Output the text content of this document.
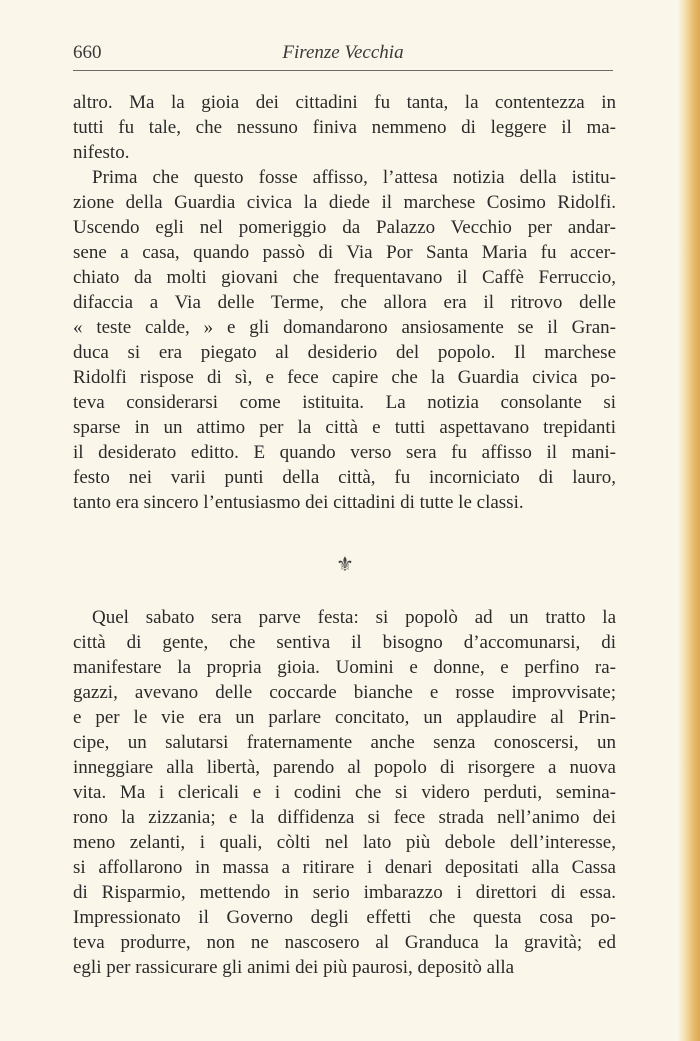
660	Firenze Vecchia
altro. Ma la gioia dei cittadini fu tanta, la contentezza in
tutti fu tale, che nessuno finiva nemmeno di leggere il ma-
nifesto.
Prima che questo fosse affisso, l’attesa notizia della istitu-
zione della Guardia civica la diede il marchese Cosimo Ridolfi.
Uscendo egli nel pomeriggio da Palazzo Vecchio per andar-
sene a casa, quando passò di Via Por Santa Maria fu accer-
chiato da molti giovani che frequentavano il Caffè Ferruccio,
difaccia a Via delle Terme, che allora era il ritrovo delle
« teste calde, » e gli domandarono ansiosamente se il Gran-
duca si era piegato al desiderio del popolo. Il marchese
Ridolfi rispose di sì, e fece capire che la Guardia civica po-
teva considerarsi come istituita. La notizia consolante si
sparse in un attimo per la città e tutti aspettavano trepidanti
il desiderato editto. E quando verso sera fu affisso il mani-
festo nei varii punti della città, fu incorniciato di lauro,
tanto era sincero l’entusiasmo dei cittadini di tutte le classi.
⚜
Quel sabato sera parve festa: si popolò ad un tratto la
città di gente, che sentiva il bisogno d’accomunarsi, di
manifestare la propria gioia. Uomini e donne, e perfino ra-
gazzi, avevano delle coccarde bianche e rosse improvvisate;
e per le vie era un parlare concitato, un applaudire al Prin-
cipe, un salutarsi fraternamente anche senza conoscersi, un
inneggiare alla libertà, parendo al popolo di risorgere a nuova
vita. Ma i clericali e i codini che si videro perduti, semina-
rono la zizzania; e la diffidenza si fece strada nell’animo dei
meno zelanti, i quali, còlti nel lato più debole dell’interesse,
si affollarono in massa a ritirare i denari depositati alla Cassa
di Risparmio, mettendo in serio imbarazzo i direttori di essa.
Impressionato il Governo degli effetti che questa cosa po-
teva produrre, non ne nascosero al Granduca la gravità; ed
egli per rassicurare gli animi dei più paurosi, depositò alla
